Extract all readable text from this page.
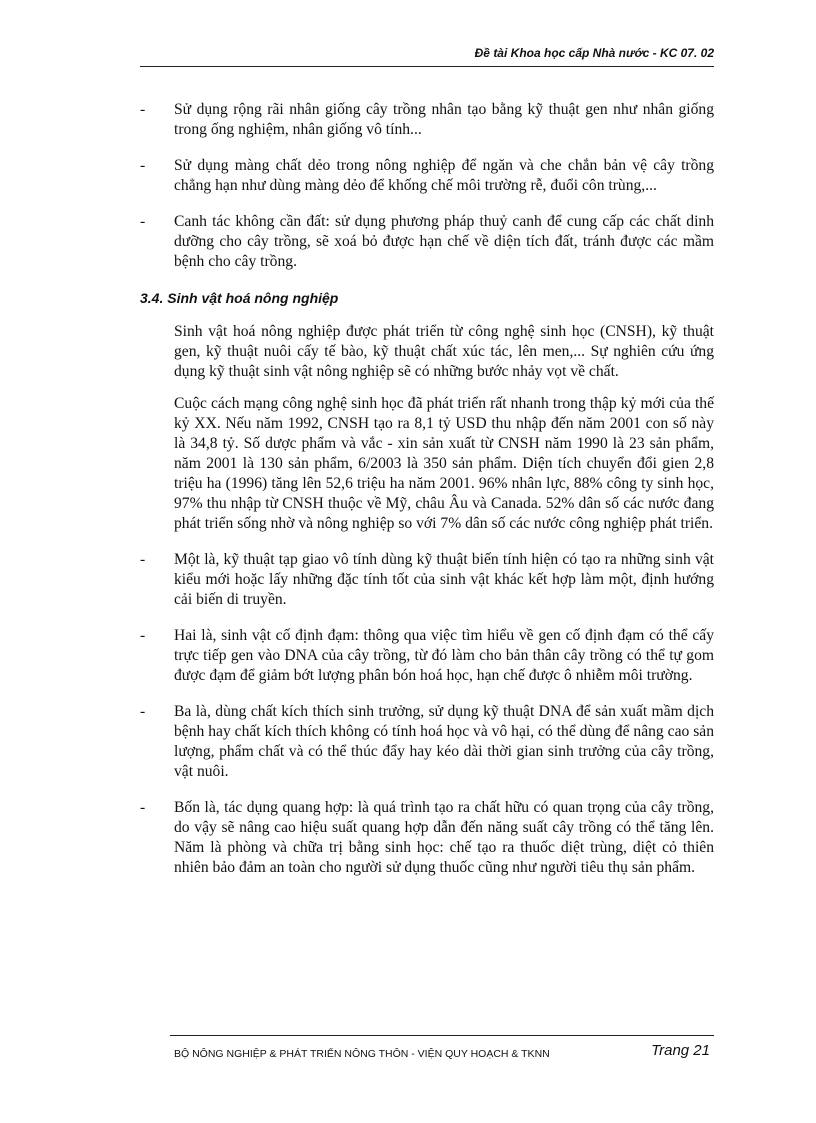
Đề tài Khoa học cấp Nhà nước - KC 07. 02
- Sử dụng rộng rãi nhân giống cây trồng nhân tạo bằng kỹ thuật gen như nhân giống trong ống nghiệm, nhân giống vô tính...
- Sử dụng màng chất dẻo trong nông nghiệp để ngăn và che chắn bản vệ cây trồng chẳng hạn như dùng màng dẻo để khống chế môi trường rễ, đuổi côn trùng,...
- Canh tác không cần đất: sử dụng phương pháp thuỷ canh để cung cấp các chất dinh dưỡng cho cây trồng, sẽ xoá bỏ được hạn chế về diện tích đất, tránh được các mầm bệnh cho cây trồng.
3.4. Sinh vật hoá nông nghiệp
Sinh vật hoá nông nghiệp được phát triển từ công nghệ sinh học (CNSH), kỹ thuật gen, kỹ thuật nuôi cấy tế bào, kỹ thuật chất xúc tác, lên men,... Sự nghiên cứu ứng dụng kỹ thuật sinh vật nông nghiệp sẽ có những bước nhảy vọt về chất.
Cuộc cách mạng công nghệ sinh học đã phát triển rất nhanh trong thập kỷ mới của thế kỷ XX. Nếu năm 1992, CNSH tạo ra 8,1 tỷ USD thu nhập đến năm 2001 con số này là 34,8 tỷ. Số dược phẩm và vắc - xin sản xuất từ CNSH năm 1990 là 23 sản phẩm, năm 2001 là 130 sản phẩm, 6/2003 là 350 sản phẩm. Diện tích chuyển đổi gien 2,8 triệu ha (1996) tăng lên 52,6 triệu ha năm 2001. 96% nhân lực, 88% công ty sinh học, 97% thu nhập từ CNSH thuộc về Mỹ, châu Âu và Canada. 52% dân số các nước đang phát triển sống nhờ và nông nghiệp so với 7% dân số các nước công nghiệp phát triển.
- Một là, kỹ thuật tạp giao vô tính dùng kỹ thuật biến tính hiện có tạo ra những sinh vật kiểu mới hoặc lấy những đặc tính tốt của sinh vật khác kết hợp làm một, định hướng cải biến di truyền.
- Hai là, sinh vật cố định đạm: thông qua việc tìm hiểu về gen cố định đạm có thể cấy trực tiếp gen vào DNA của cây trồng, từ đó làm cho bản thân cây trồng có thể tự gom được đạm để giảm bớt lượng phân bón hoá học, hạn chế được ô nhiễm môi trường.
- Ba là, dùng chất kích thích sinh trưởng, sử dụng kỹ thuật DNA để sản xuất mầm dịch bệnh hay chất kích thích không có tính hoá học và vô hại, có thể dùng để nâng cao sản lượng, phẩm chất và có thể thúc đẩy hay kéo dài thời gian sinh trưởng của cây trồng, vật nuôi.
- Bốn là, tác dụng quang hợp: là quá trình tạo ra chất hữu có quan trọng của cây trồng, do vậy sẽ nâng cao hiệu suất quang hợp dẫn đến năng suất cây trồng có thể tăng lên. Năm là phòng và chữa trị bằng sinh học: chế tạo ra thuốc diệt trùng, diệt cỏ thiên nhiên bảo đảm an toàn cho người sử dụng thuốc cũng như người tiêu thụ sản phẩm.
BỘ NÔNG NGHIỆP & PHÁT TRIỂN NÔNG THÔN - VIỆN QUY HOẠCH & TKNN	Trang 21
